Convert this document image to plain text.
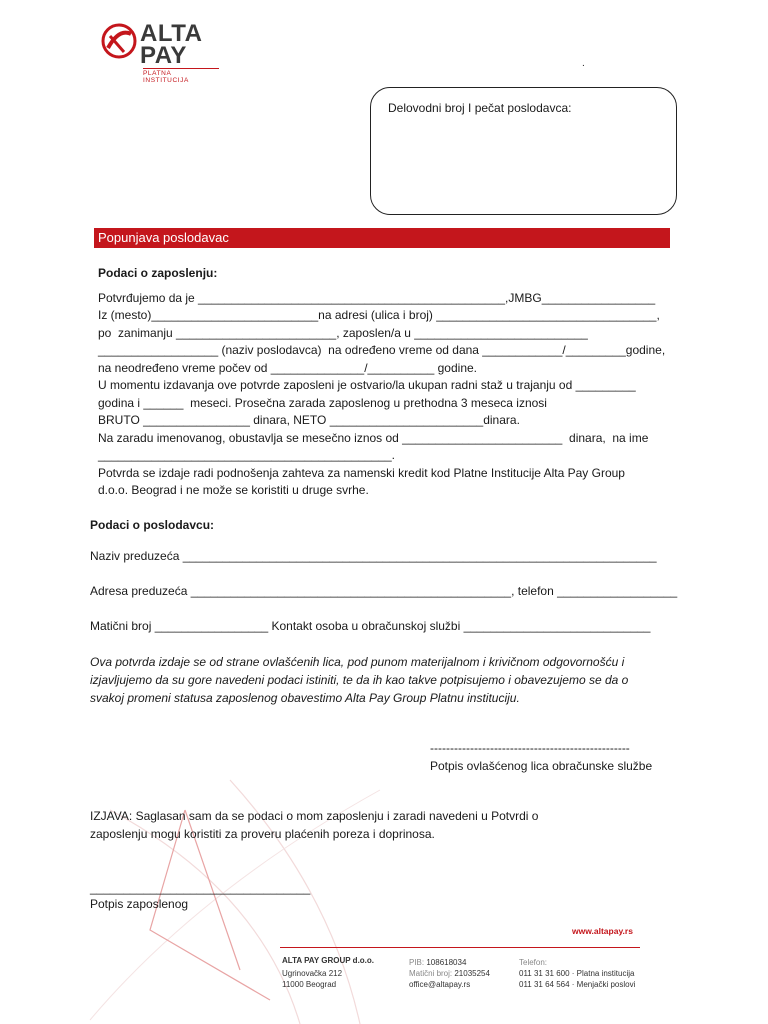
ALTA
PAY
PLATNA INSTITUCIJA
.
Delovodni broj I pečat poslodavca:
Popunjava poslodavac
Podaci o zaposlenju:
Potvrđujemo da je ______________________________________________,JMBG_________________
Iz (mesto)_________________________na adresi (ulica i broj) _________________________________,
po  zanimanju ________________________, zaposlen/a u __________________________
__________________ (naziv poslodavca)  na određeno vreme od dana ____________/_________godine,
na neodređeno vreme počev od ______________/__________ godine.
U momentu izdavanja ove potvrde zaposleni je ostvario/la ukupan radni staž u trajanju od _________
godina i ______  meseci. Prosečna zarada zaposlenog u prethodna 3 meseca iznosi
BRUTO ________________ dinara, NETO _______________________dinara.
Na zaradu imenovanog, obustavlja se mesečno iznos od ________________________  dinara,  na ime
____________________________________________.
Potvrda se izdaje radi podnošenja zahteva za namenski kredit kod Platne Institucije Alta Pay Group
d.o.o. Beograd i ne može se koristiti u druge svrhe.
Podaci o poslodavcu:
Naziv preduzeća _______________________________________________________________________
Adresa preduzeća ________________________________________________, telefon __________________
Matični broj _________________ Kontakt osoba u obračunskoj službi ____________________________
Ova potvrda izdaje se od strane ovlašćenih lica, pod punom materijalnom i krivičnom odgovornošću i
izjavljujemo da su gore navedeni podaci istiniti, te da ih kao takve potpisujemo i obavezujemo se da o
svakoj promeni statusa zaposlenog obavestimo Alta Pay Group Platnu instituciju.
--------------------------------------------------
Potpis ovlašćenog lica obračunske službe
IZJAVA: Saglasan sam da se podaci o mom zaposlenju i zaradi navedeni u Potvrdi o
zaposlenju mogu koristiti za proveru plaćenih poreza i doprinosa.
_________________________________
Potpis zaposlenog
www.altapay.rs
ALTA PAY GROUP d.o.o.
Ugrinovačka 212
11000 Beograd
PIB: 108618034
Matični broj: 21035254
office@altapay.rs
Telefon:
011 31 31 600 · Platna institucija
011 31 64 564 · Menjački poslovi
